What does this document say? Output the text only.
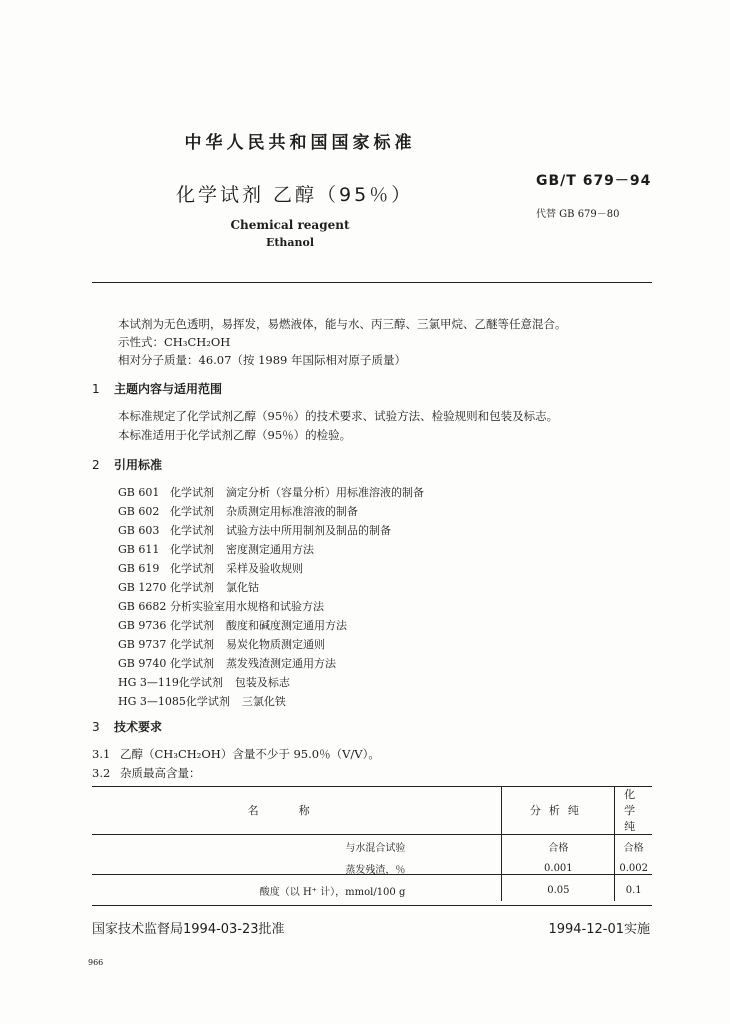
中华人民共和国国家标准
GB/T 679－94
化学试剂 乙醇（95％）
代替 GB 679－80
Chemical reagent
Ethanol
本试剂为无色透明，易挥发，易燃液体，能与水、丙三醇、三氯甲烷、乙醚等任意混合。
示性式：CH₃CH₂OH
相对分子质量：46.07（按 1989 年国际相对原子质量）
1 主题内容与适用范围
本标准规定了化学试剂乙醇（95％）的技术要求、试验方法、检验规则和包装及标志。
本标准适用于化学试剂乙醇（95％）的检验。
2 引用标准
GB 601 化学试剂 滴定分析（容量分析）用标准溶液的制备
GB 602 化学试剂 杂质测定用标准溶液的制备
GB 603 化学试剂 试验方法中所用制剂及制品的制备
GB 611 化学试剂 密度测定通用方法
GB 619 化学试剂 采样及验收规则
GB 1270 化学试剂 氯化钴
GB 6682 分析实验室用水规格和试验方法
GB 9736 化学试剂 酸度和碱度测定通用方法
GB 9737 化学试剂 易炭化物质测定通则
GB 9740 化学试剂 蒸发残渣测定通用方法
HG 3—119化学试剂 包装及标志
HG 3—1085化学试剂 三氯化铁
3 技术要求
3.1 乙醇（CH₃CH₂OH）含量不少于 95.0％（V/V）。
3.2 杂质最高含量：
名称	分析纯	化学纯
与水混合试验	合格	合格
蒸发残渣，％	0.001	0.002
酸度（以 H⁺ 计），mmol/100 g	0.05	0.1
国家技术监督局1994-03-23批准	1994-12-01实施
966
